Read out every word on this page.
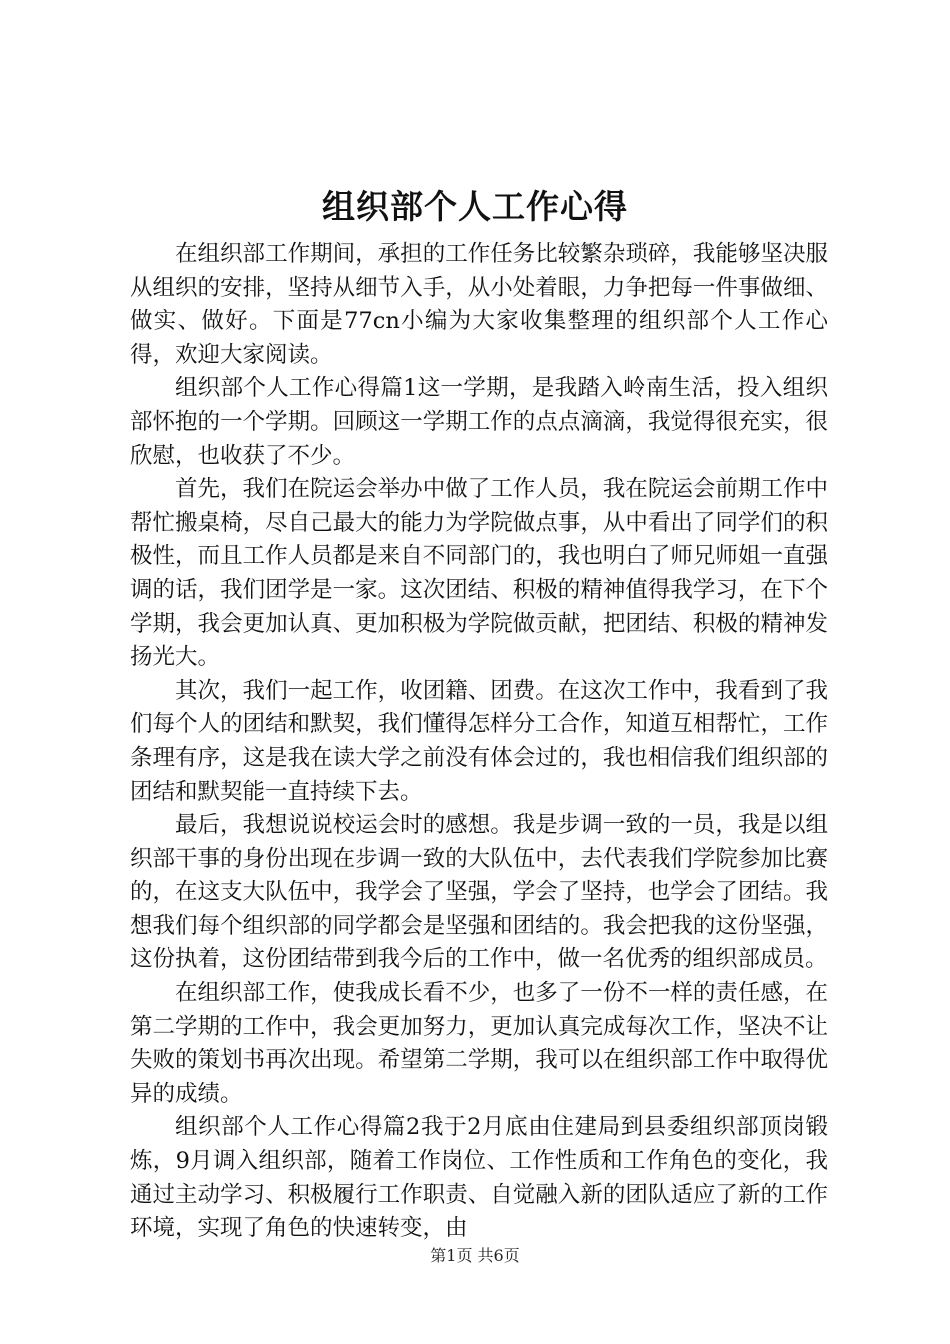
组织部个人工作心得

在组织部工作期间，承担的工作任务比较繁杂琐碎，我能够坚决服从组织的安排，坚持从细节入手，从小处着眼，力争把每一件事做细、做实、做好。下面是77cn小编为大家收集整理的组织部个人工作心得，欢迎大家阅读。

组织部个人工作心得篇1这一学期，是我踏入岭南生活，投入组织部怀抱的一个学期。回顾这一学期工作的点点滴滴，我觉得很充实，很欣慰，也收获了不少。

首先，我们在院运会举办中做了工作人员，我在院运会前期工作中帮忙搬桌椅，尽自己最大的能力为学院做点事，从中看出了同学们的积极性，而且工作人员都是来自不同部门的，我也明白了师兄师姐一直强调的话，我们团学是一家。这次团结、积极的精神值得我学习，在下个学期，我会更加认真、更加积极为学院做贡献，把团结、积极的精神发扬光大。

其次，我们一起工作，收团籍、团费。在这次工作中，我看到了我们每个人的团结和默契，我们懂得怎样分工合作，知道互相帮忙，工作条理有序，这是我在读大学之前没有体会过的，我也相信我们组织部的团结和默契能一直持续下去。

最后，我想说说校运会时的感想。我是步调一致的一员，我是以组织部干事的身份出现在步调一致的大队伍中，去代表我们学院参加比赛的，在这支大队伍中，我学会了坚强，学会了坚持，也学会了团结。我想我们每个组织部的同学都会是坚强和团结的。我会把我的这份坚强，这份执着，这份团结带到我今后的工作中，做一名优秀的组织部成员。

在组织部工作，使我成长看不少，也多了一份不一样的责任感，在第二学期的工作中，我会更加努力，更加认真完成每次工作，坚决不让失败的策划书再次出现。希望第二学期，我可以在组织部工作中取得优异的成绩。

组织部个人工作心得篇2我于2月底由住建局到县委组织部顶岗锻炼，9月调入组织部，随着工作岗位、工作性质和工作角色的变化，我通过主动学习、积极履行工作职责、自觉融入新的团队适应了新的工作环境，实现了角色的快速转变，由

第1页 共6页
